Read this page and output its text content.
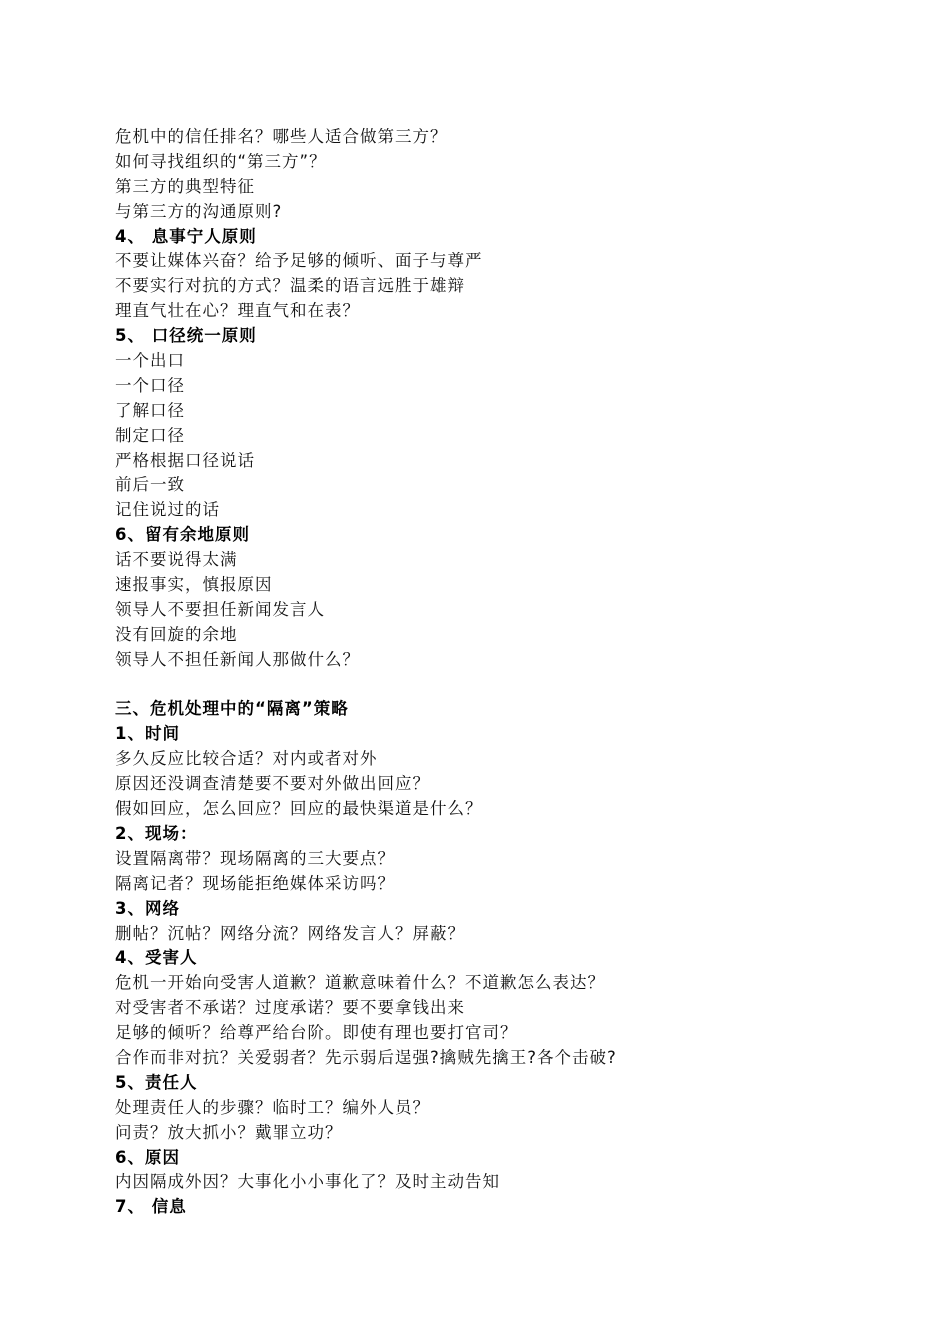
危机中的信任排名？哪些人适合做第三方？
如何寻找组织的“第三方”？
第三方的典型特征
与第三方的沟通原则?
4、 息事宁人原则
不要让媒体兴奋？给予足够的倾听、面子与尊严
不要实行对抗的方式？温柔的语言远胜于雄辩
理直气壮在心？理直气和在表？
5、 口径统一原则
一个出口
一个口径
了解口径
制定口径
严格根据口径说话
前后一致
记住说过的话
6、留有余地原则
话不要说得太满
速报事实，慎报原因
领导人不要担任新闻发言人
没有回旋的余地
领导人不担任新闻人那做什么？
三、危机处理中的“隔离”策略
1、时间
多久反应比较合适？对内或者对外
原因还没调查清楚要不要对外做出回应？
假如回应，怎么回应？回应的最快渠道是什么？
2、现场：
设置隔离带？现场隔离的三大要点？
隔离记者？现场能拒绝媒体采访吗？
3、网络
删帖？沉帖？网络分流？网络发言人？屏蔽？
4、受害人
危机一开始向受害人道歉？道歉意味着什么？不道歉怎么表达？
对受害者不承诺？过度承诺？要不要拿钱出来
足够的倾听？给尊严给台阶。即使有理也要打官司？
合作而非对抗？关爱弱者？先示弱后逞强?擒贼先擒王?各个击破?
5、责任人
处理责任人的步骤？临时工？编外人员？
问责？放大抓小？戴罪立功？
6、原因
内因隔成外因？大事化小小事化了？及时主动告知
7、 信息
